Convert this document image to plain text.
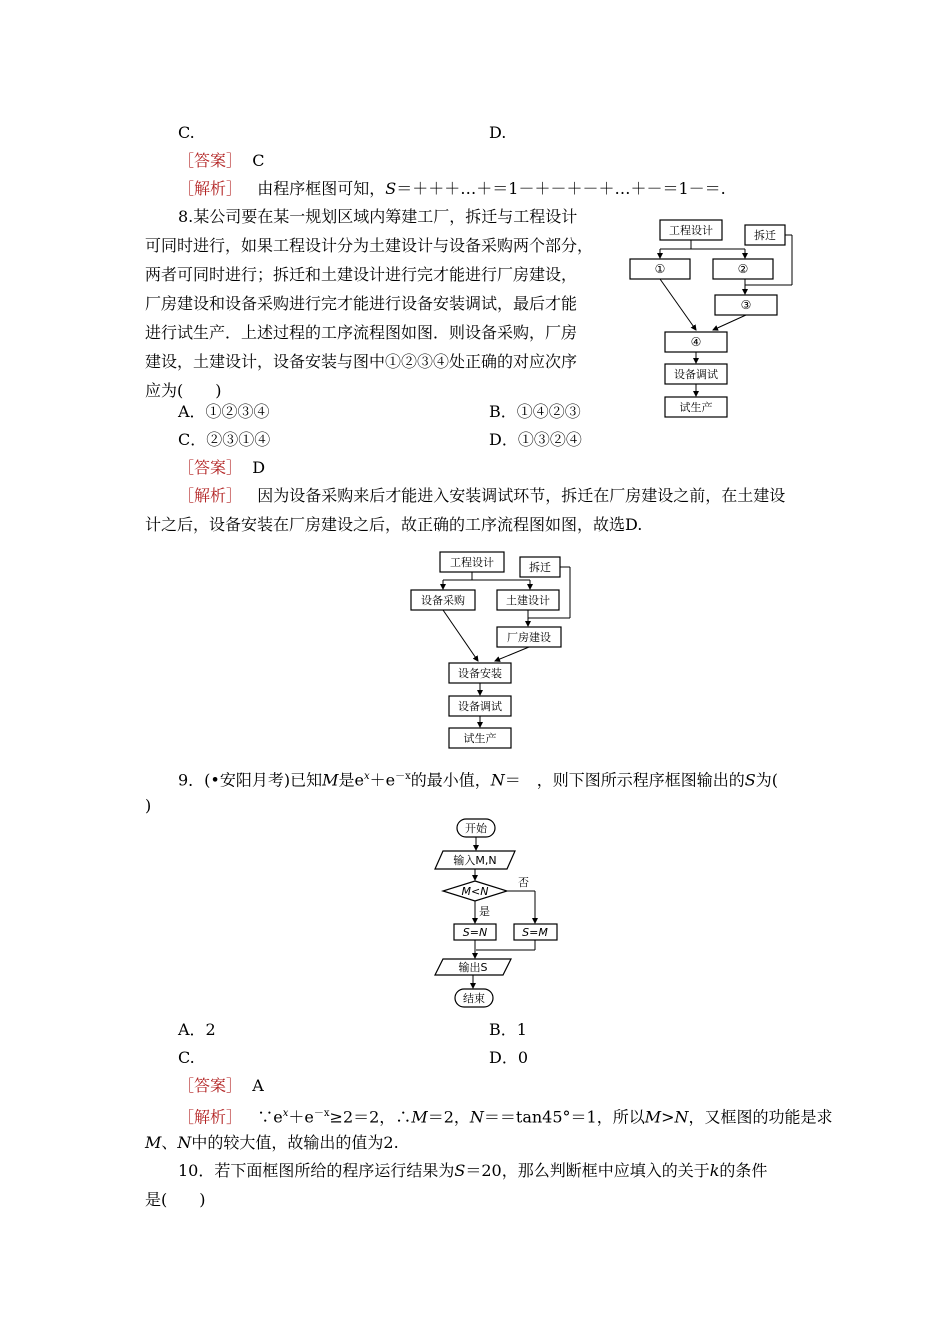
C.	D.
［答案］ C
［解析］ 由程序框图可知，S＝＋＋＋…＋＝1－＋－＋－＋…＋－＝1－＝.
8.某公司要在某一规划区域内筹建工厂，拆迁与工程设计
可同时进行，如果工程设计分为土建设计与设备采购两个部分，
两者可同时进行；拆迁和土建设计进行完才能进行厂房建设，
厂房建设和设备采购进行完才能进行设备安装调试，最后才能
进行试生产．上述过程的工序流程图如图．则设备采购，厂房
建设，土建设计，设备安装与图中①②③④处正确的对应次序
应为(　　)
工程设计	拆迁
①	②
③
④
设备调试
试生产
A．①②③④	B．①④②③
C．②③①④	D．①③②④
［答案］ D
［解析］ 因为设备采购来后才能进入安装调试环节，拆迁在厂房建设之前，在土建设
计之后，设备安装在厂房建设之后，故正确的工序流程图如图，故选D.
工程设计	拆迁
设备采购	土建设计
厂房建设
设备安装
设备调试
试生产
9．(•安阳月考)已知M是$e^x+e^{-x}$的最小值，N＝　，则下图所示程序框图输出的S为(
)
开始
输入M,N
M<N
否
是
S=N	S=M
输出S
结束
A．2	B．1
C.	D．0
［答案］ A
［解析］ $\because e^x+e^{-x}\ge 2=2$，∴M＝2，N＝＝tan45°＝1，所以M>N，又框图的功能是求
M、N中的较大值，故输出的值为2.
10．若下面框图所给的程序运行结果为S＝20，那么判断框中应填入的关于k的条件
是(　　)
